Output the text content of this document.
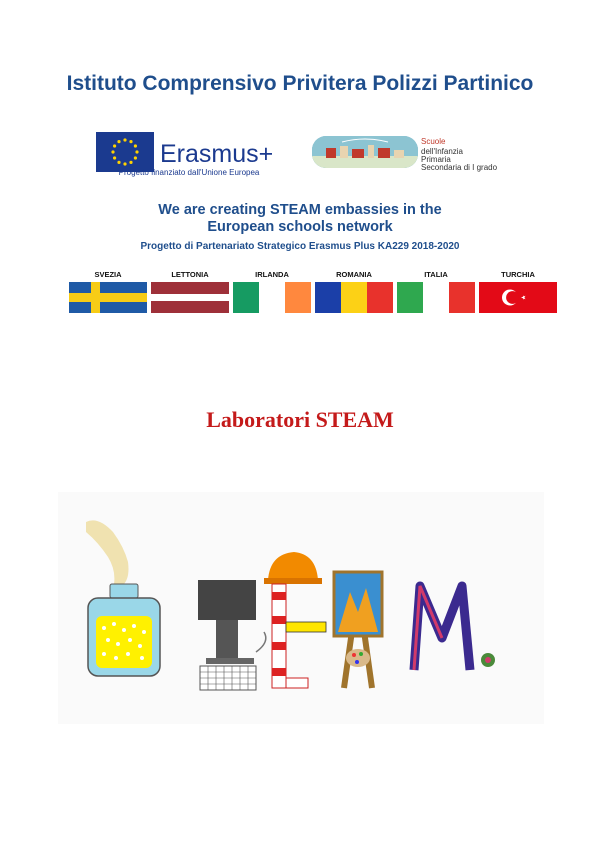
Istituto Comprensivo Privitera Polizzi Partinico
Erasmus+
Progetto finanziato dall'Unione Europea
Scuole
dell'Infanzia
Primaria
Secondaria di I grado
We are creating STEAM embassies in the
European schools network
Progetto di Partenariato Strategico Erasmus Plus KA229 2018-2020
SVEZIA	LETTONIA	IRLANDA	ROMANIA	ITALIA	TURCHIA
Laboratori STEAM
